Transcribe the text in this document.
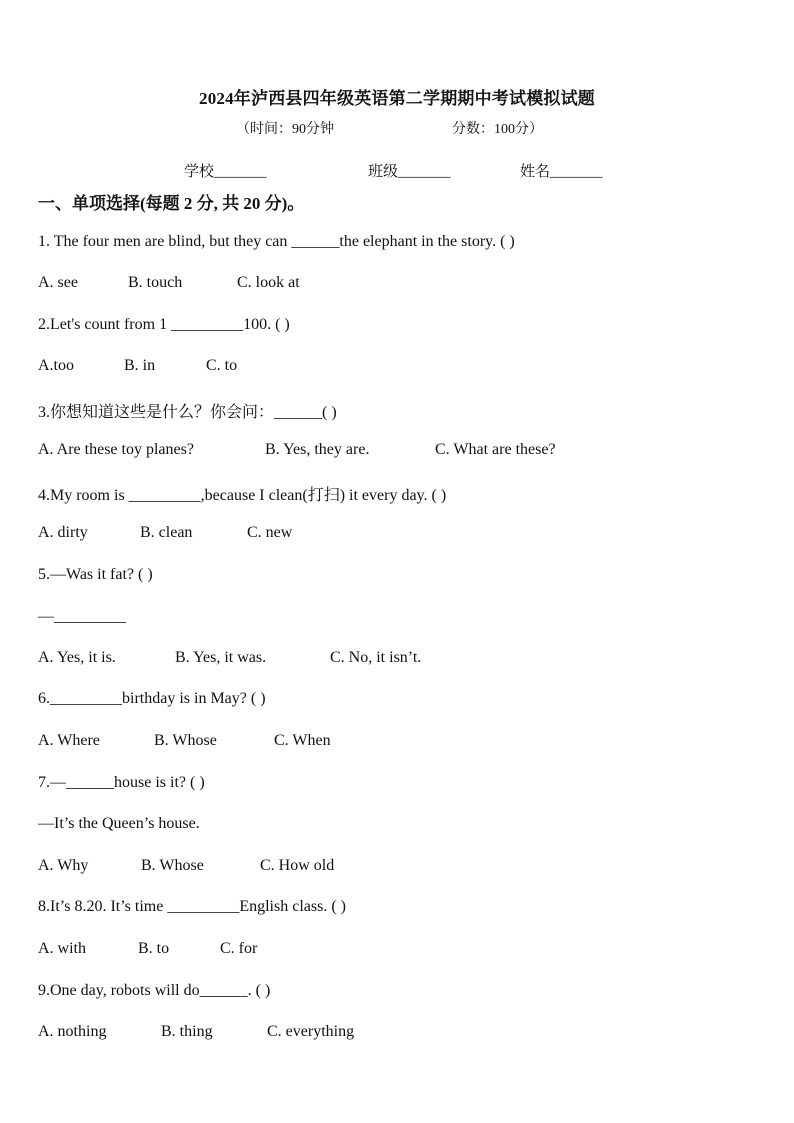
2024年泸西县四年级英语第二学期期中考试模拟试题
（时间：90分钟	分数：100分）
学校_______	班级_______	姓名_______
一、单项选择(每题 2 分, 共 20 分)。
1. The four men are blind, but they can ______the elephant in the story. ( )
A. see	B. touch	C. look at
2.Let's count from 1 _________100. ( )
A.too	B. in	C. to
3.你想知道这些是什么？你会问：______( )
A. Are these toy planes?	B. Yes, they are.	C. What are these?
4.My room is _________,because I clean(打扫) it every day. ( )
A. dirty	B. clean	C. new
5.—Was it fat? ( )
—_________
A. Yes, it is.	B. Yes, it was.	C. No, it isn’t.
6._________birthday is in May? ( )
A. Where	B. Whose	C. When
7.—______house is it? ( )
—It’s the Queen’s house.
A. Why	B. Whose	C. How old
8.It’s 8.20. It’s time _________English class. ( )
A. with	B. to	C. for
9.One day, robots will do______. ( )
A. nothing	B. thing	C. everything
